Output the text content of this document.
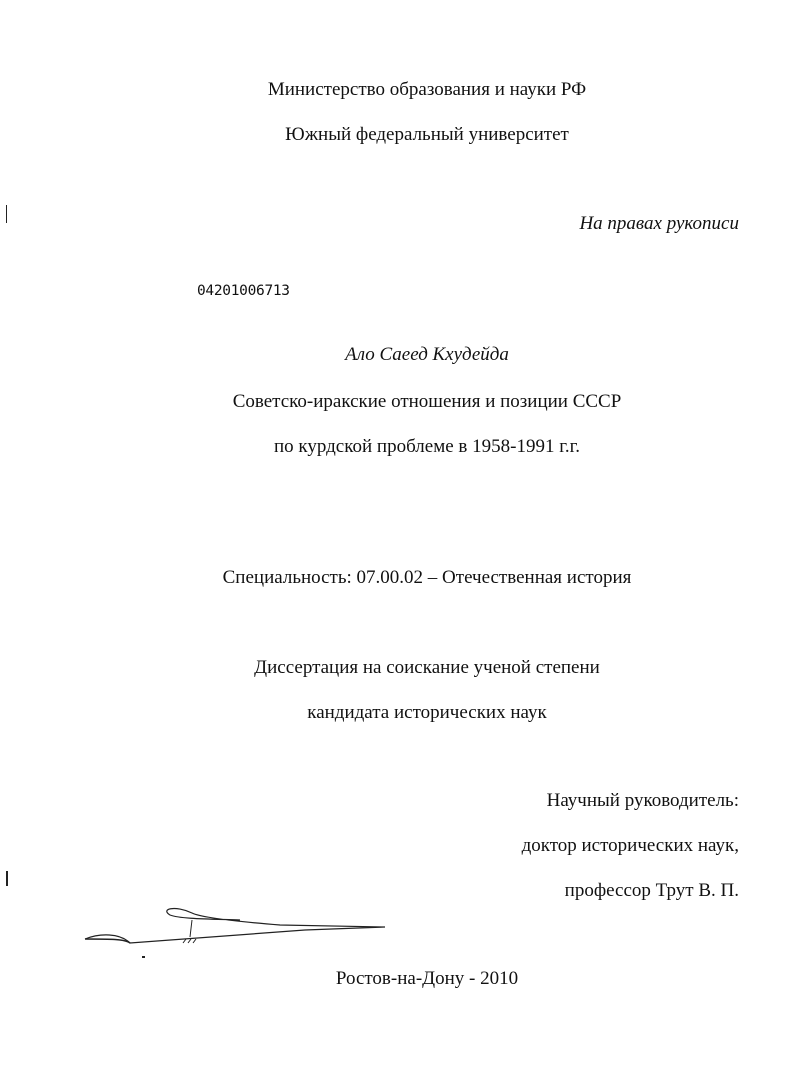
Министерство образования и науки РФ
Южный федеральный университет
На правах рукописи
04201006713
Ало Саеед Кхудейда
Советско-иракские отношения и позиции СССР
по курдской проблеме в 1958-1991 г.г.
Специальность: 07.00.02 – Отечественная история
Диссертация на соискание ученой степени
кандидата исторических наук
Научный руководитель:
доктор исторических наук,
профессор Трут В. П.
Ростов-на-Дону - 2010
